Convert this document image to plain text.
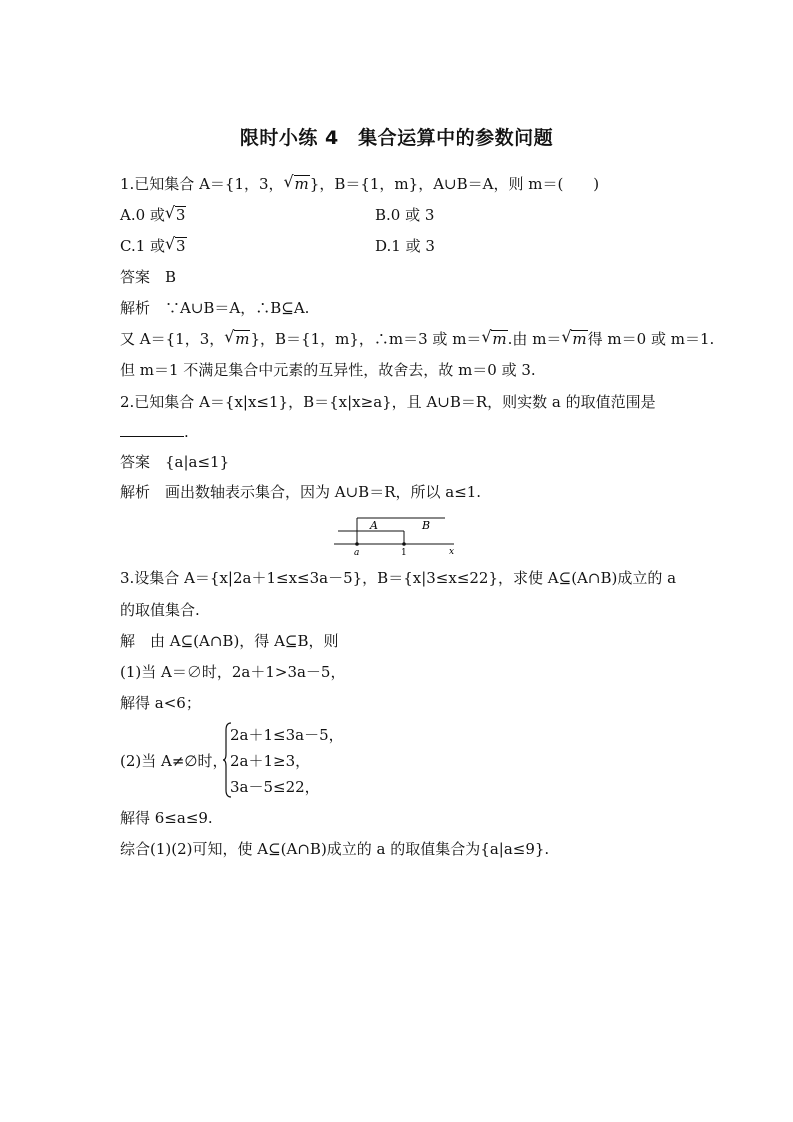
限时小练 4　集合运算中的参数问题
1.已知集合 A＝{1，3， √ m}，B＝{1，m}，A∪B＝A，则 m＝(　　)
A.0 或 √ 3	B.0 或 3
C.1 或 √ 3	D.1 或 3
答案　B
解析　∵A∪B＝A，∴B⊆A.
又 A＝{1，3， √ m}，B＝{1，m}，∴m＝3 或 m＝ √ m.由 m＝ √ m得 m＝0 或 m＝1.
但 m＝1 不满足集合中元素的互异性，故舍去，故 m＝0 或 3.
2.已知集合 A＝{x|x≤1}，B＝{x|x≥a}，且 A∪B＝R，则实数 a 的取值范围是
.
答案　{a|a≤1}
解析　画出数轴表示集合，因为 A∪B＝R，所以 a≤1.
A	B
a	1	x
3.设集合 A＝{x|2a＋1≤x≤3a－5}，B＝{x|3≤x≤22}，求使 A⊆(A∩B)成立的 a
的取值集合.
解　由 A⊆(A∩B)，得 A⊆B，则
(1)当 A＝∅时，2a＋1>3a－5，
解得 a<6；
(2)当 A≠∅时，
2a＋1≤3a－5，
2a＋1≥3，
3a－5≤22，
解得 6≤a≤9.
综合(1)(2)可知，使 A⊆(A∩B)成立的 a 的取值集合为{a|a≤9}.
